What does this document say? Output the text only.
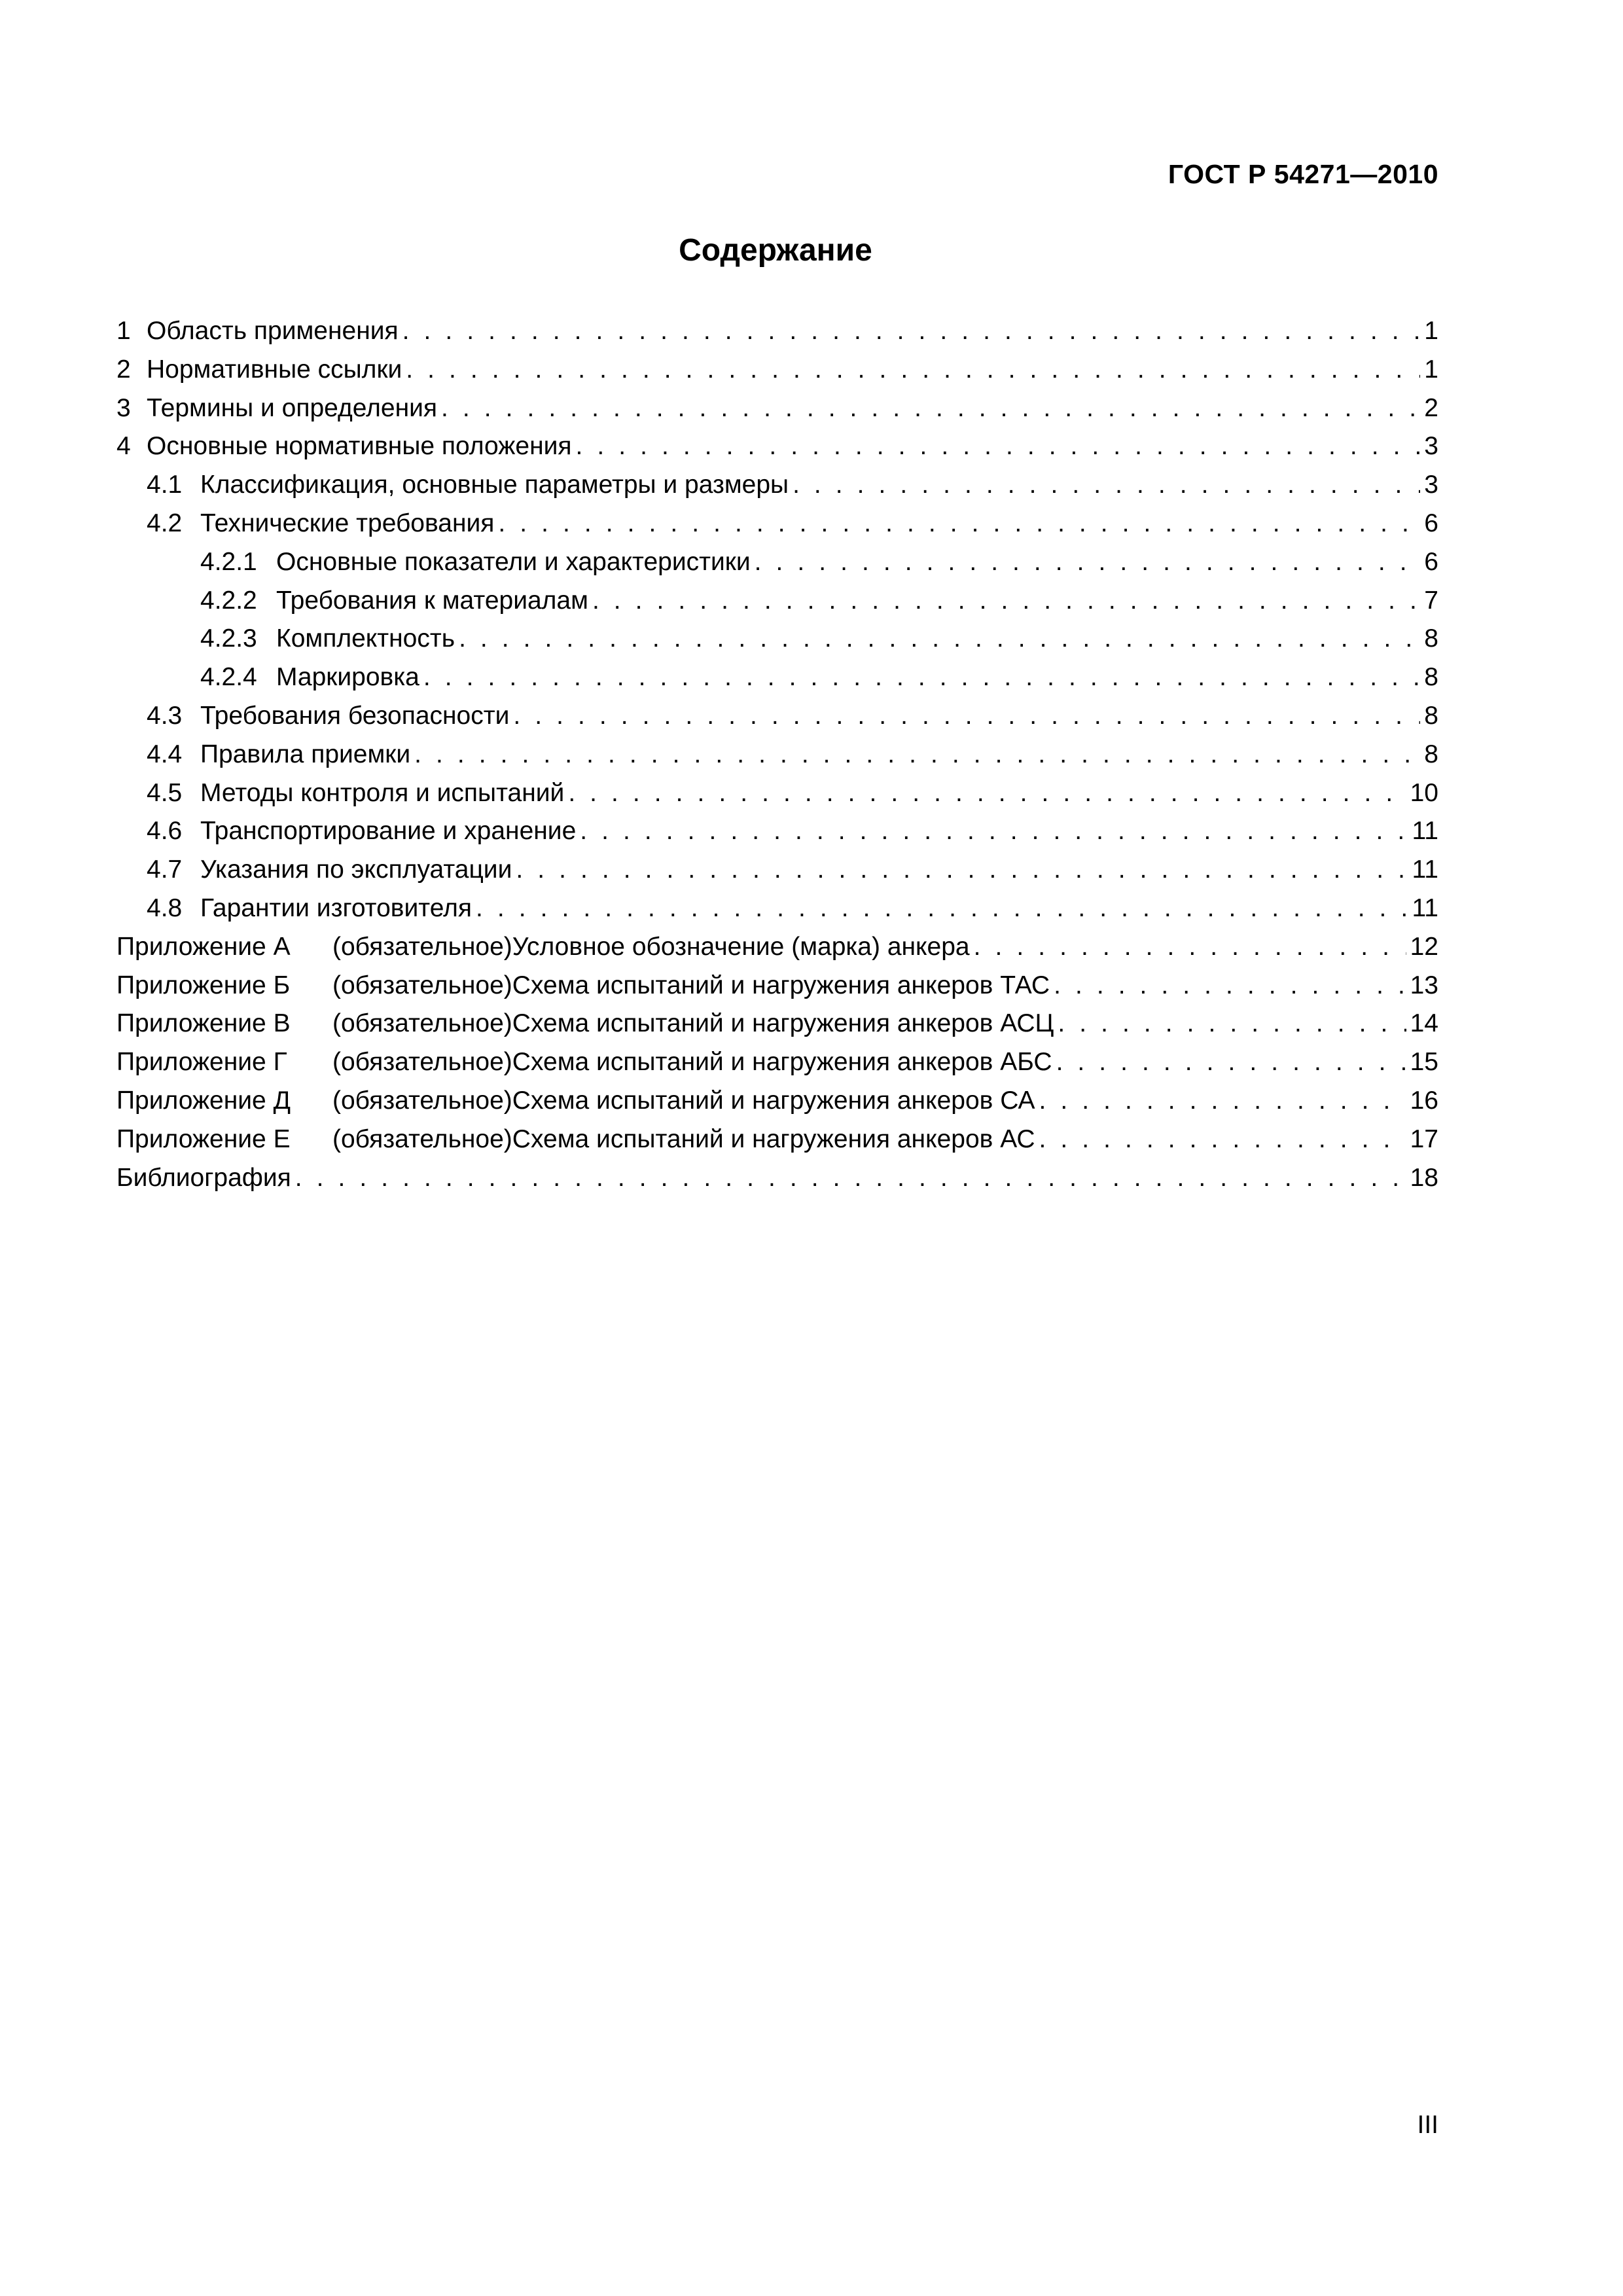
ГОСТ Р 54271—2010
Содержание
1 Область применения . . .	1
2 Нормативные ссылки . . .	1
3 Термины и определения . . .	2
4 Основные нормативные положения . . .	3
4.1 Классификация, основные параметры и размеры . . .	3
4.2 Технические требования . . .	6
4.2.1 Основные показатели и характеристики . . .	6
4.2.2 Требования к материалам . . .	7
4.2.3 Комплектность . . .	8
4.2.4 Маркировка . . .	8
4.3 Требования безопасности . . .	8
4.4 Правила приемки . . .	8
4.5 Методы контроля и испытаний . . .	10
4.6 Транспортирование и хранение . . .	11
4.7 Указания по эксплуатации . . .	11
4.8 Гарантии изготовителя . . .	11
Приложение А	(обязательное) Условное обозначение (марка) анкера . . .	12
Приложение Б	(обязательное) Схема испытаний и нагружения анкеров ТАС . . .	13
Приложение В	(обязательное) Схема испытаний и нагружения анкеров АСЦ . . .	14
Приложение Г	(обязательное) Схема испытаний и нагружения анкеров АБС . . .	15
Приложение Д	(обязательное) Схема испытаний и нагружения анкеров СА . . .	16
Приложение Е	(обязательное) Схема испытаний и нагружения анкеров АС . . .	17
Библиография . . .	18
III
